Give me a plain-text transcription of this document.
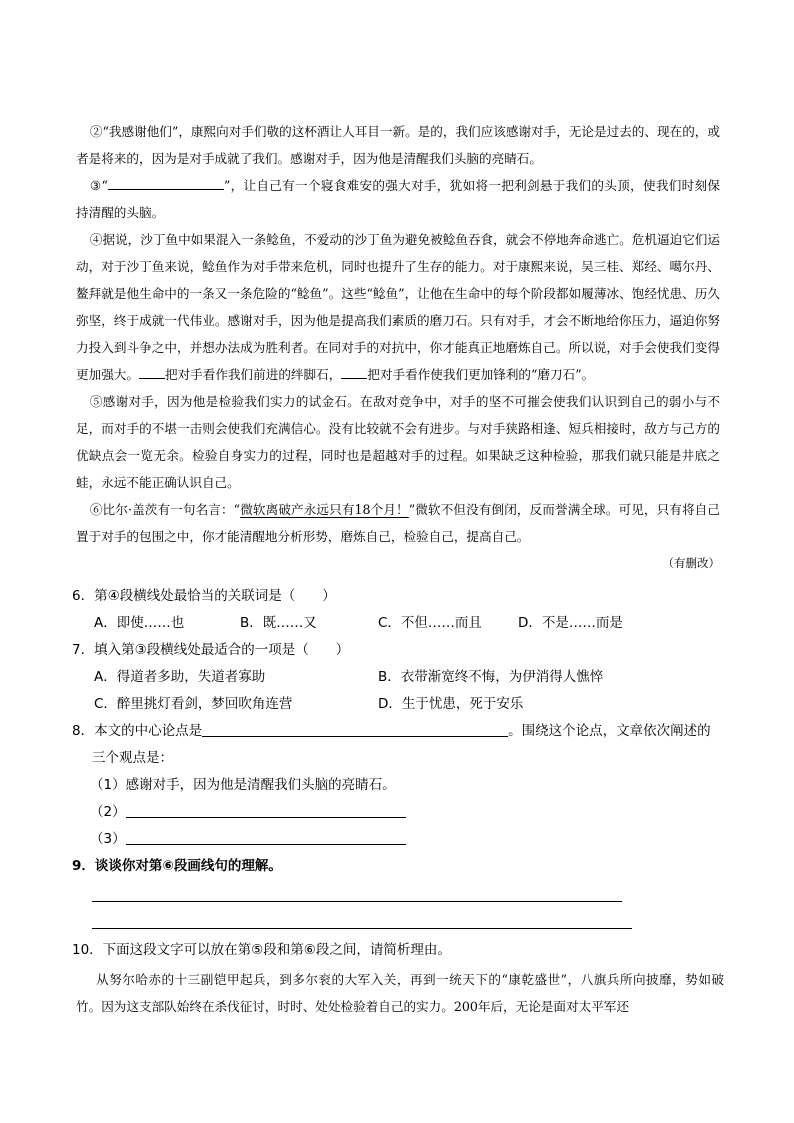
②“我感谢他们”，康熙向对手们敬的这杯酒让人耳目一新。是的，我们应该感谢对手，无论是过去的、现在的，或者是将来的，因为是对手成就了我们。感谢对手，因为他是清醒我们头脑的亮睛石。

③“	”，让自己有一个寝食难安的强大对手，犹如将一把利剑悬于我们的头顶，使我们时刻保持清醒的头脑。

④据说，沙丁鱼中如果混入一条鲶鱼，不爱动的沙丁鱼为避免被鲶鱼吞食，就会不停地奔命逃亡。危机逼迫它们运动，对于沙丁鱼来说，鲶鱼作为对手带来危机，同时也提升了生存的能力。对于康熙来说，吴三桂、郑经、噶尔丹、鳌拜就是他生命中的一条又一条危险的“鲶鱼”。这些“鲶鱼”，让他在生命中的每个阶段都如履薄冰、饱经忧患、历久弥坚，终于成就一代伟业。感谢对手，因为他是提高我们素质的磨刀石。只有对手，才会不断地给你压力，逼迫你努力投入到斗争之中，并想办法成为胜利者。在同对手的对抗中，你才能真正地磨炼自己。所以说，对手会使我们变得更加强大。 把对手看作我们前进的绊脚石， 把对手看作使我们更加锋利的“磨刀石”。

⑤感谢对手，因为他是检验我们实力的试金石。在敌对竞争中，对手的坚不可摧会使我们认识到自己的弱小与不足，而对手的不堪一击则会使我们充满信心。没有比较就不会有进步。与对手狭路相逢、短兵相接时，敌方与己方的优缺点会一览无余。检验自身实力的过程，同时也是超越对手的过程。如果缺乏这种检验，那我们就只能是井底之蛙，永远不能正确认识自己。

⑥比尔·盖茨有一句名言：“微软离破产永远只有18个月！”微软不但没有倒闭，反而誉满全球。可见，只有将自己置于对手的包围之中，你才能清醒地分析形势，磨炼自己，检验自己，提高自己。

（有删改）
6．第④段横线处最恰当的关联词是（　　）
A．即使……也	B．既……又	C．不但……而且	D．不是……而是
7．填入第③段横线处最适合的一项是（　　）
A．得道者多助，失道者寡助	B．衣带渐宽终不悔，为伊消得人憔悴
C．醉里挑灯看剑，梦回吹角连营	D．生于忧患，死于安乐
8．本文的中心论点是	。围绕这个论点，文章依次阐述的
三个观点是：
（1）感谢对手，因为他是清醒我们头脑的亮睛石。
（2）
（3）
9．谈谈你对第⑥段画线句的理解。
10．下面这段文字可以放在第⑤段和第⑥段之间，请简析理由。

从努尔哈赤的十三副铠甲起兵，到多尔衮的大军入关，再到一统天下的“康乾盛世”，八旗兵所向披靡，势如破竹。因为这支部队始终在杀伐征讨，时时、处处检验着自己的实力。200年后，无论是面对太平军还
